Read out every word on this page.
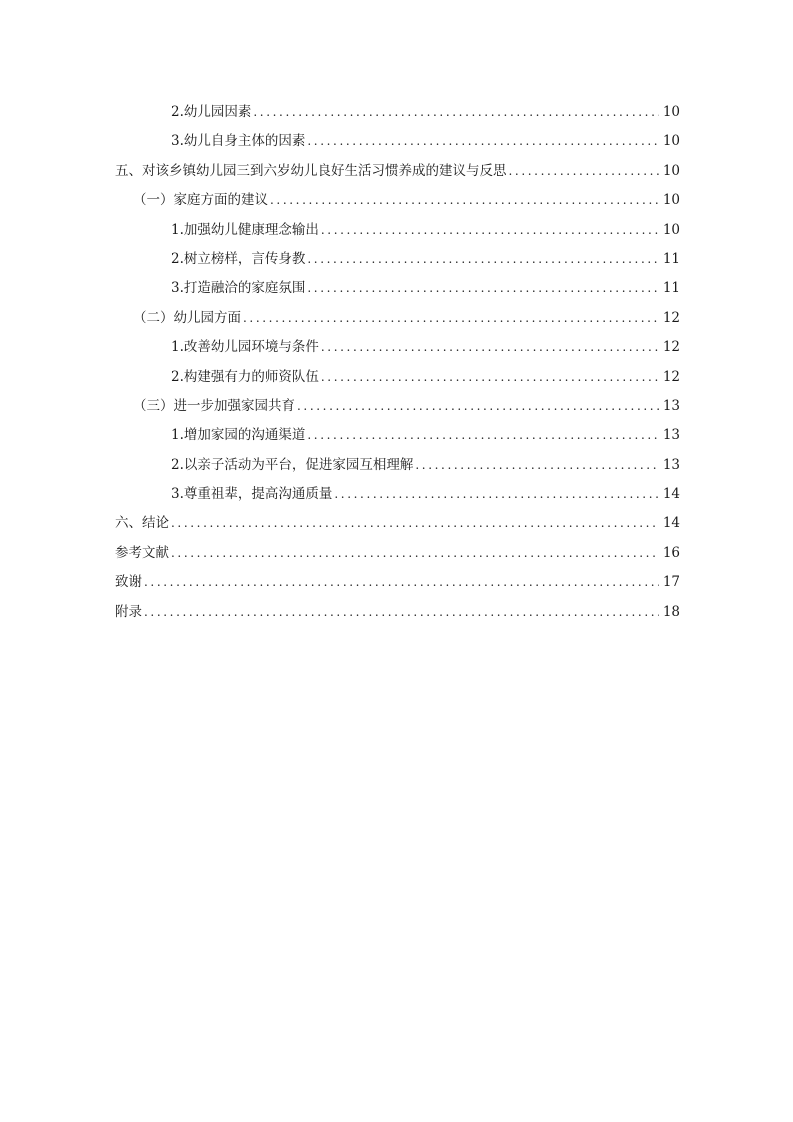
2.幼儿园因素 .....	10
3.幼儿自身主体的因素 .....	10
五、对该乡镇幼儿园三到六岁幼儿良好生活习惯养成的建议与反思 .....	10
（一）家庭方面的建议 .....	10
1.加强幼儿健康理念输出 .....	10
2.树立榜样，言传身教 .....	11
3.打造融洽的家庭氛围 .....	11
（二）幼儿园方面 .....	12
1.改善幼儿园环境与条件 .....	12
2.构建强有力的师资队伍 .....	12
（三）进一步加强家园共育 .....	13
1.增加家园的沟通渠道 .....	13
2.以亲子活动为平台，促进家园互相理解 .....	13
3.尊重祖辈，提高沟通质量 .....	14
六、结论 .....	14
参考文献 .....	16
致谢 .....	17
附录 .....	18
